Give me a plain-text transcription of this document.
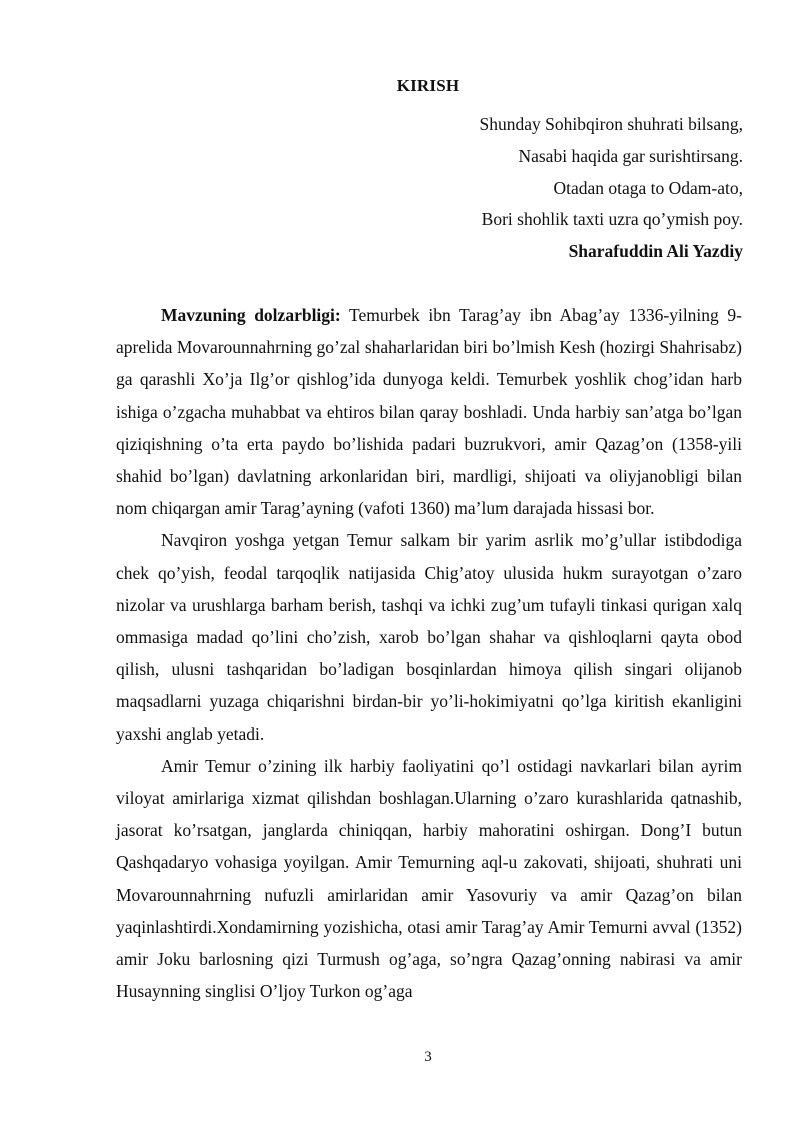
KIRISH
Shunday Sohibqiron shuhrati bilsang,
Nasabi haqida gar surishtirsang.
Otadan otaga to Odam-ato,
Bori shohlik taxti uzra qo’ymish poy.
Sharafuddin Ali Yazdiy

Mavzuning dolzarbligi: Temurbek ibn Tarag’ay ibn Abag’ay 1336-yilning 9-aprelida Movarounnahrning go’zal shaharlaridan biri bo’lmish Kesh (hozirgi Shahrisabz) ga qarashli Xo’ja Ilg’or qishlog’ida dunyoga keldi. Temurbek yoshlik chog’idan harb ishiga o’zgacha muhabbat va ehtiros bilan qaray boshladi. Unda harbiy san’atga bo’lgan qiziqishning o’ta erta paydo bo’lishida padari buzrukvori, amir Qazag’on (1358-yili shahid bo’lgan) davlatning arkonlaridan biri, mardligi, shijoati va oliyjanobligi bilan nom chiqargan amir Tarag’ayning (vafoti 1360) ma’lum darajada hissasi bor.

Navqiron yoshga yetgan Temur salkam bir yarim asrlik mo’g’ullar istibdodiga chek qo’yish, feodal tarqoqlik natijasida Chig’atoy ulusida hukm surayotgan o’zaro nizolar va urushlarga barham berish, tashqi va ichki zug’um tufayli tinkasi qurigan xalq ommasiga madad qo’lini cho’zish, xarob bo’lgan shahar va qishloqlarni qayta obod qilish, ulusni tashqaridan bo’ladigan bosqinlardan himoya qilish singari olijanob maqsadlarni yuzaga chiqarishni birdan-bir yo’li-hokimiyatni qo’lga kiritish ekanligini yaxshi anglab yetadi.

Amir Temur o’zining ilk harbiy faoliyatini qo’l ostidagi navkarlari bilan ayrim viloyat amirlariga xizmat qilishdan boshlagan.Ularning o’zaro kurashlarida qatnashib, jasorat ko’rsatgan, janglarda chiniqqan, harbiy mahoratini oshirgan. Dong’I butun Qashqadaryo vohasiga yoyilgan. Amir Temurning aql-u zakovati, shijoati, shuhrati uni Movarounnahrning nufuzli amirlaridan amir Yasovuriy va amir Qazag’on bilan yaqinlashtirdi.Xondamirning yozishicha, otasi amir Tarag’ay Amir Temurni avval (1352) amir Joku barlosning qizi Turmush og’aga, so’ngra Qazag’onning nabirasi va amir Husaynning singlisi O’ljoy Turkon og’aga

3
